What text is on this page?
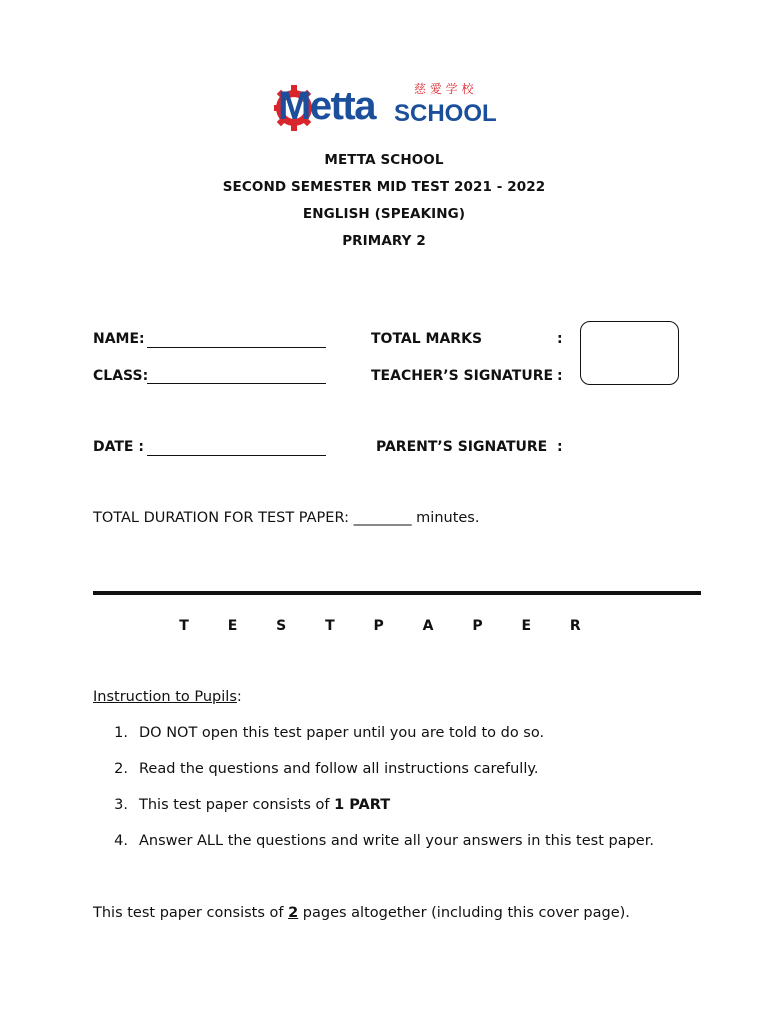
Metta SCHOOL
慈 愛 学 校
METTA SCHOOL
SECOND SEMESTER MID TEST 2021 - 2022
ENGLISH (SPEAKING)
PRIMARY 2
NAME:
CLASS:
DATE :
TOTAL MARKS	:
TEACHER’S SIGNATURE :
PARENT’S SIGNATURE :
TOTAL DURATION FOR TEST PAPER: ________ minutes.
T E S T P A P E R
Instruction to Pupils:
1. DO NOT open this test paper until you are told to do so.
2. Read the questions and follow all instructions carefully.
3. This test paper consists of 1 PART
4. Answer ALL the questions and write all your answers in this test paper.
This test paper consists of 2 pages altogether (including this cover page).
